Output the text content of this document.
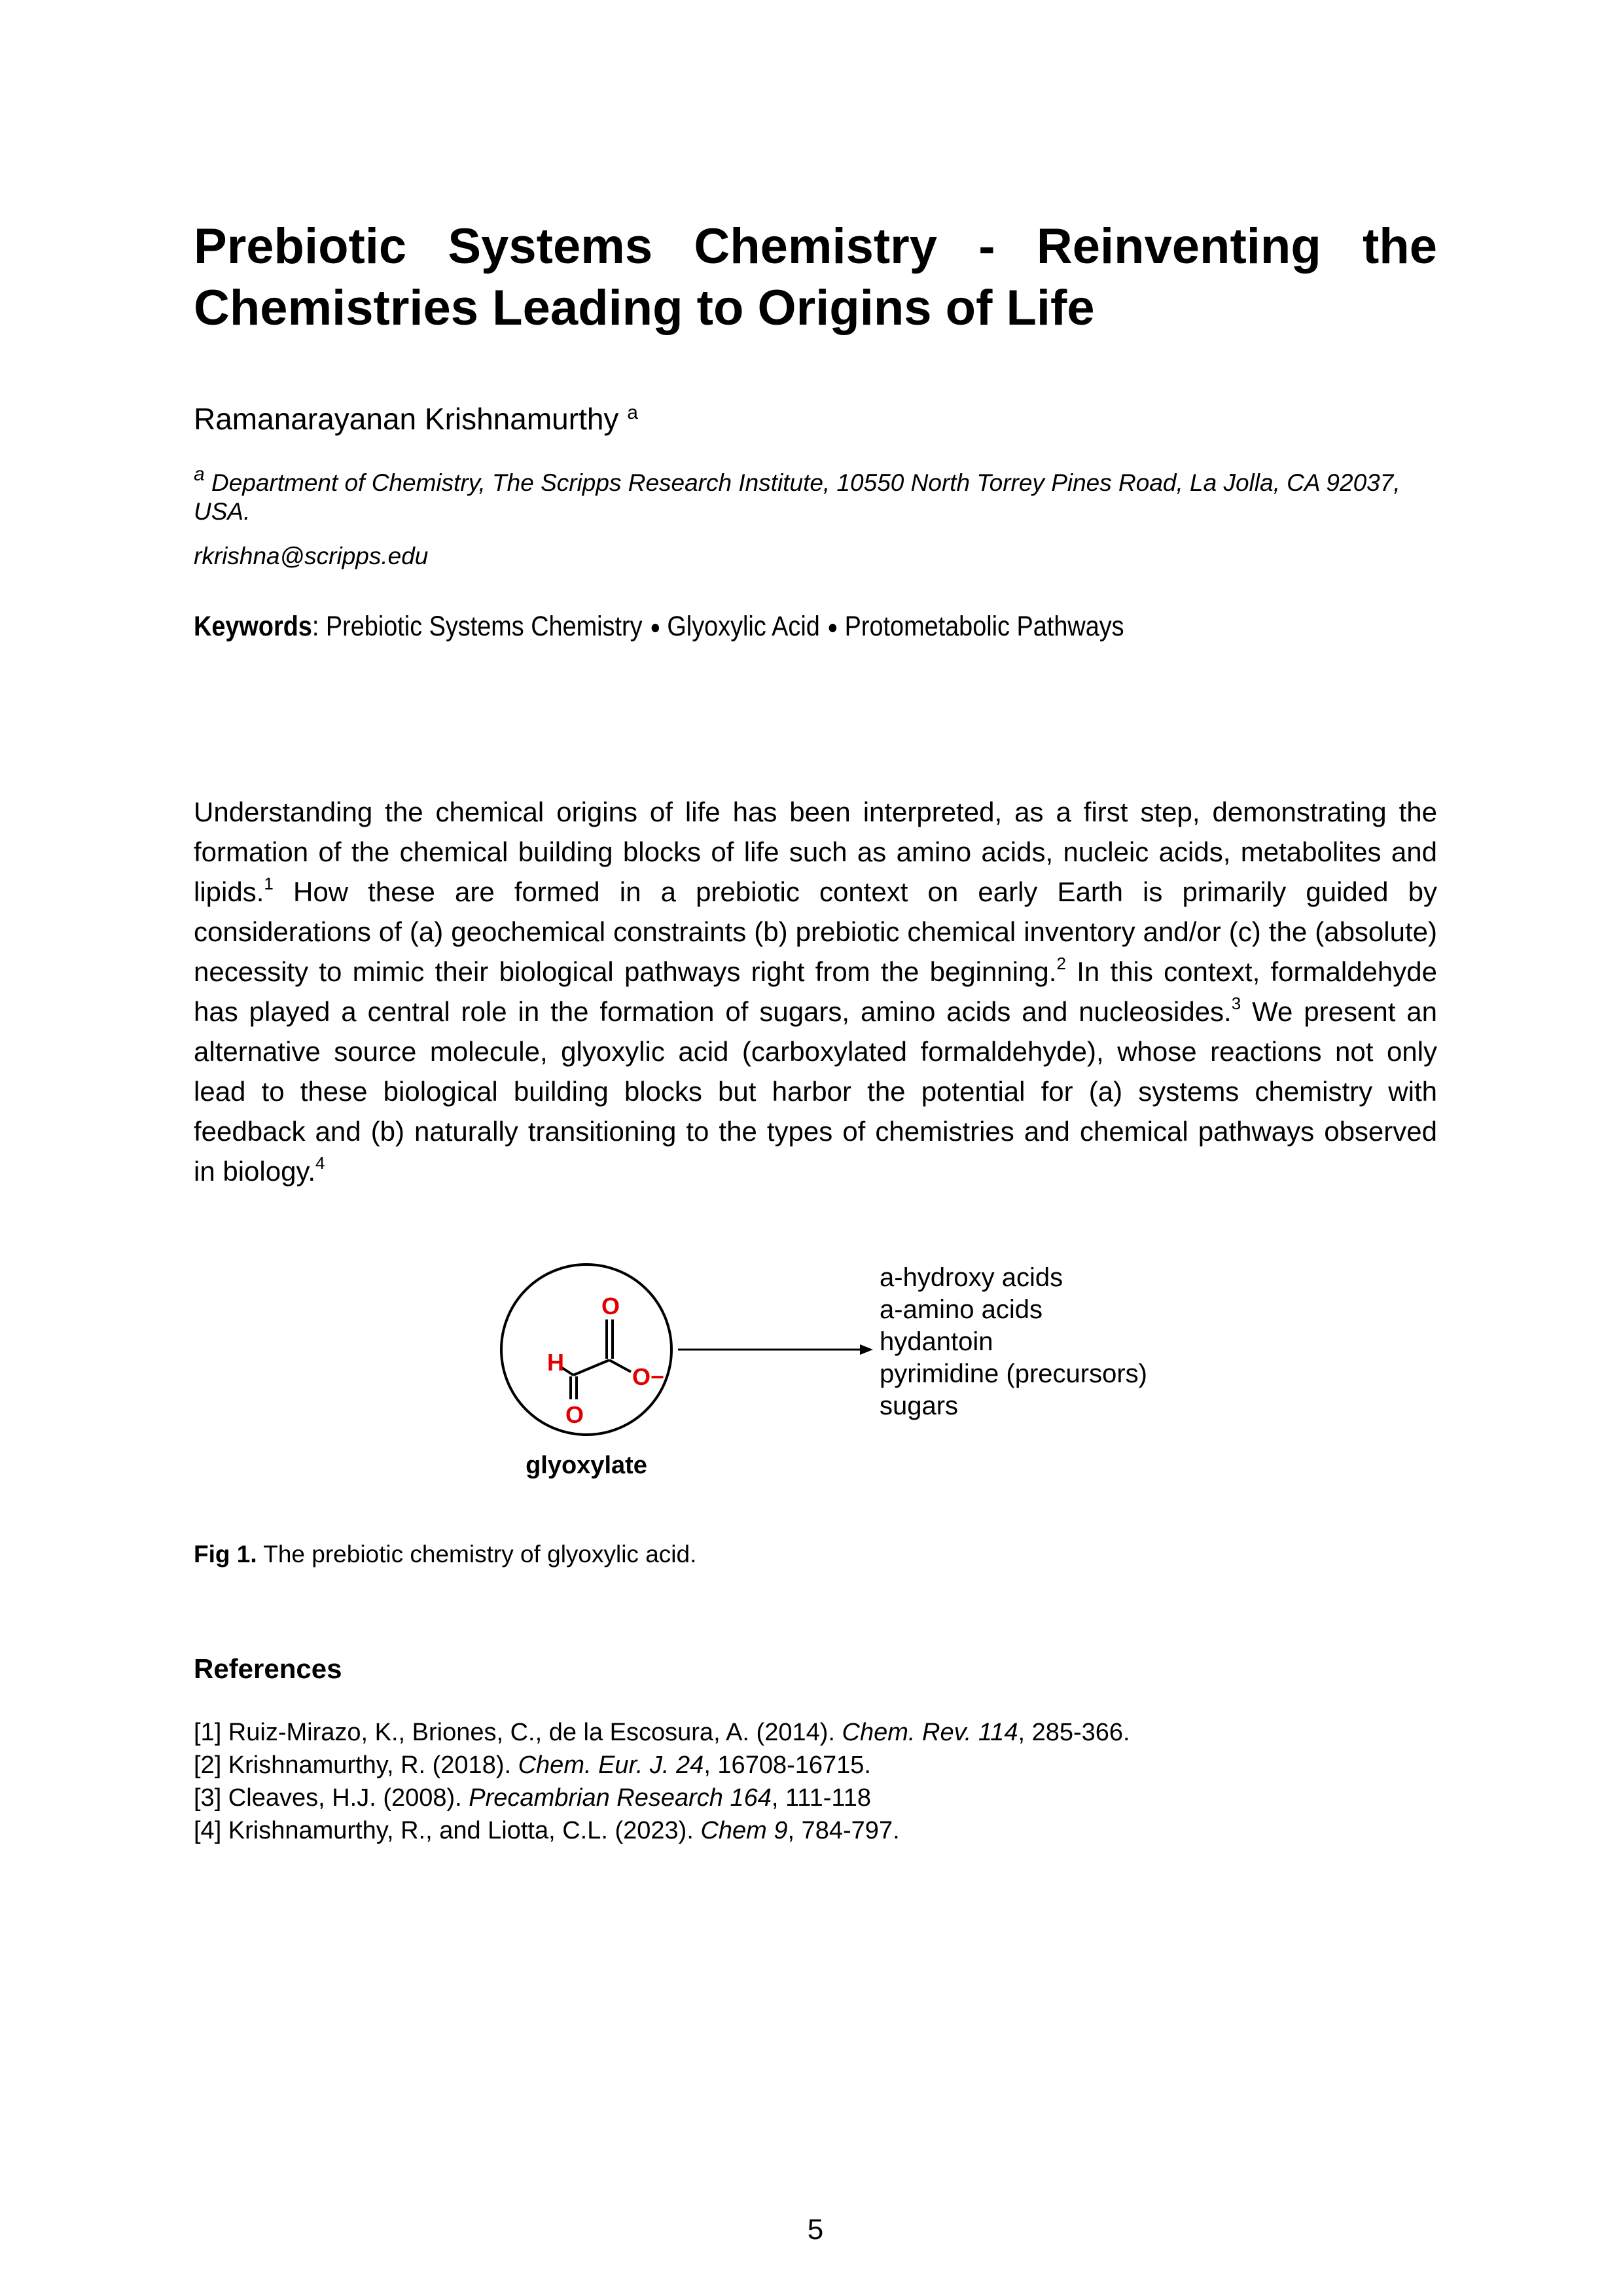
Prebiotic Systems Chemistry - Reinventing the
Chemistries Leading to Origins of Life
Ramanarayanan Krishnamurthy $^a$
$^a$ Department of Chemistry, The Scripps Research Institute, 10550 North Torrey Pines Road, La Jolla, CA 92037, USA.
rkrishna@scripps.edu
Keywords: Prebiotic Systems Chemistry Glyoxylic Acid Protometabolic Pathways
Understanding the chemical origins of life has been interpreted, as a first step, demonstrating the formation of the chemical building blocks of life such as amino acids, nucleic acids, metabolites and lipids.$^1$ How these are formed in a prebiotic context on early Earth is primarily guided by considerations of (a) geochemical constraints (b) prebiotic chemical inventory and/or (c) the (absolute) necessity to mimic their biological pathways right from the beginning.$^2$ In this context, formaldehyde has played a central role in the formation of sugars, amino acids and nucleosides.$^3$ We present an alternative source molecule, glyoxylic acid (carboxylated formaldehyde), whose reactions not only lead to these biological building blocks but harbor the potential for (a) systems chemistry with feedback and (b) naturally transitioning to the types of chemistries and chemical pathways observed in biology.$^4$
H
O
O
O−
glyoxylate
a-hydroxy acids
a-amino acids
hydantoin
pyrimidine (precursors)
sugars
Fig 1. The prebiotic chemistry of glyoxylic acid.
References
[1] Ruiz-Mirazo, K., Briones, C., de la Escosura, A. (2014). Chem. Rev. 114, 285-366.
[2] Krishnamurthy, R. (2018). Chem. Eur. J. 24, 16708-16715.
[3] Cleaves, H.J. (2008). Precambrian Research 164, 111-118
[4] Krishnamurthy, R., and Liotta, C.L. (2023). Chem 9, 784-797.
5
